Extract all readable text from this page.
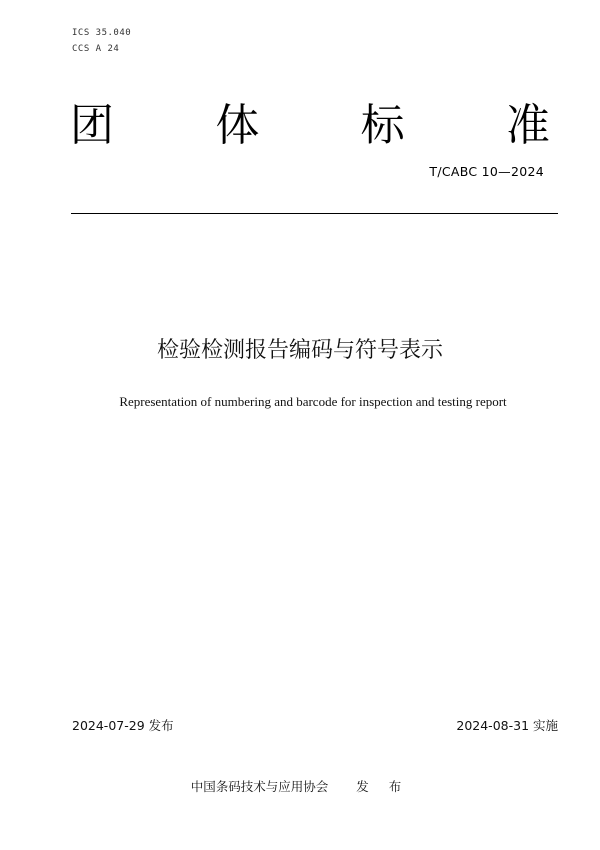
ICS 35.040
CCS A 24
团 体 标 准
T/CABC 10—2024
检验检测报告编码与符号表示
Representation of numbering and barcode for inspection and testing report
2024-07-29 发布	2024-08-31 实施
中国条码技术与应用协会 发 布
